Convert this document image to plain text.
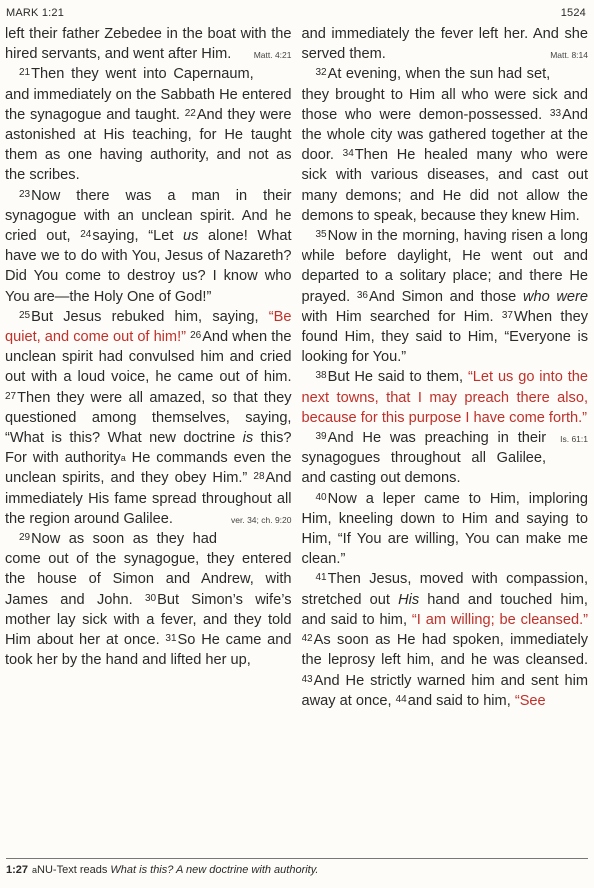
MARK 1:21	1524

left their father Zebedee in the boat with the hired servants, and went after Him.	Matt. 4:21

$^{21}$Then they went into Capernaum, and immediately on the Sabbath He entered the synagogue and taught. $^{22}$And they were astonished at His teaching, for He taught them as one having authority, and not as the scribes.

$^{23}$Now there was a man in their synagogue with an unclean spirit. And he cried out, $^{24}$saying, “Let us alone! What have we to do with You, Jesus of Nazareth? Did You come to destroy us? I know who You are—the Holy One of God!”

$^{25}$But Jesus rebuked him, saying, “Be quiet, and come out of him!” $^{26}$And when the unclean spirit had convulsed him and cried out with a loud voice, he came out of him. $^{27}$Then they were all amazed, so that they questioned among themselves, saying, “What is this? What new doctrine is this? For with authority$^a$ He commands even the unclean spirits, and they obey Him.” $^{28}$And immediately His fame spread throughout all the region around Galilee.	ver. 34; ch. 9:20

$^{29}$Now as soon as they had come out of the synagogue, they entered the house of Simon and Andrew, with James and John. $^{30}$But Simon’s wife’s mother lay sick with a fever, and they told Him about her at once. $^{31}$So He came and took her by the hand and lifted her up,

and immediately the fever left her. And she served them.	Matt. 8:14

$^{32}$At evening, when the sun had set, they brought to Him all who were sick and those who were demon-possessed. $^{33}$And the whole city was gathered together at the door. $^{34}$Then He healed many who were sick with various diseases, and cast out many demons; and He did not allow the demons to speak, because they knew Him.

$^{35}$Now in the morning, having risen a long while before daylight, He went out and departed to a solitary place; and there He prayed. $^{36}$And Simon and those who were with Him searched for Him. $^{37}$When they found Him, they said to Him, “Everyone is looking for You.”

$^{38}$But He said to them, “Let us go into the next towns, that I may preach there also, because for this purpose I have come forth.”
Is. 61:1

$^{39}$And He was preaching in their synagogues throughout all Galilee, and casting out demons.

$^{40}$Now a leper came to Him, imploring Him, kneeling down to Him and saying to Him, “If You are willing, You can make me clean.”

$^{41}$Then Jesus, moved with compassion, stretched out His hand and touched him, and said to him, “I am willing; be cleansed.” $^{42}$As soon as He had spoken, immediately the leprosy left him, and he was cleansed. $^{43}$And He strictly warned him and sent him away at once, $^{44}$and said to him, “See

1:27 $^a$NU-Text reads What is this? A new doctrine with authority.
